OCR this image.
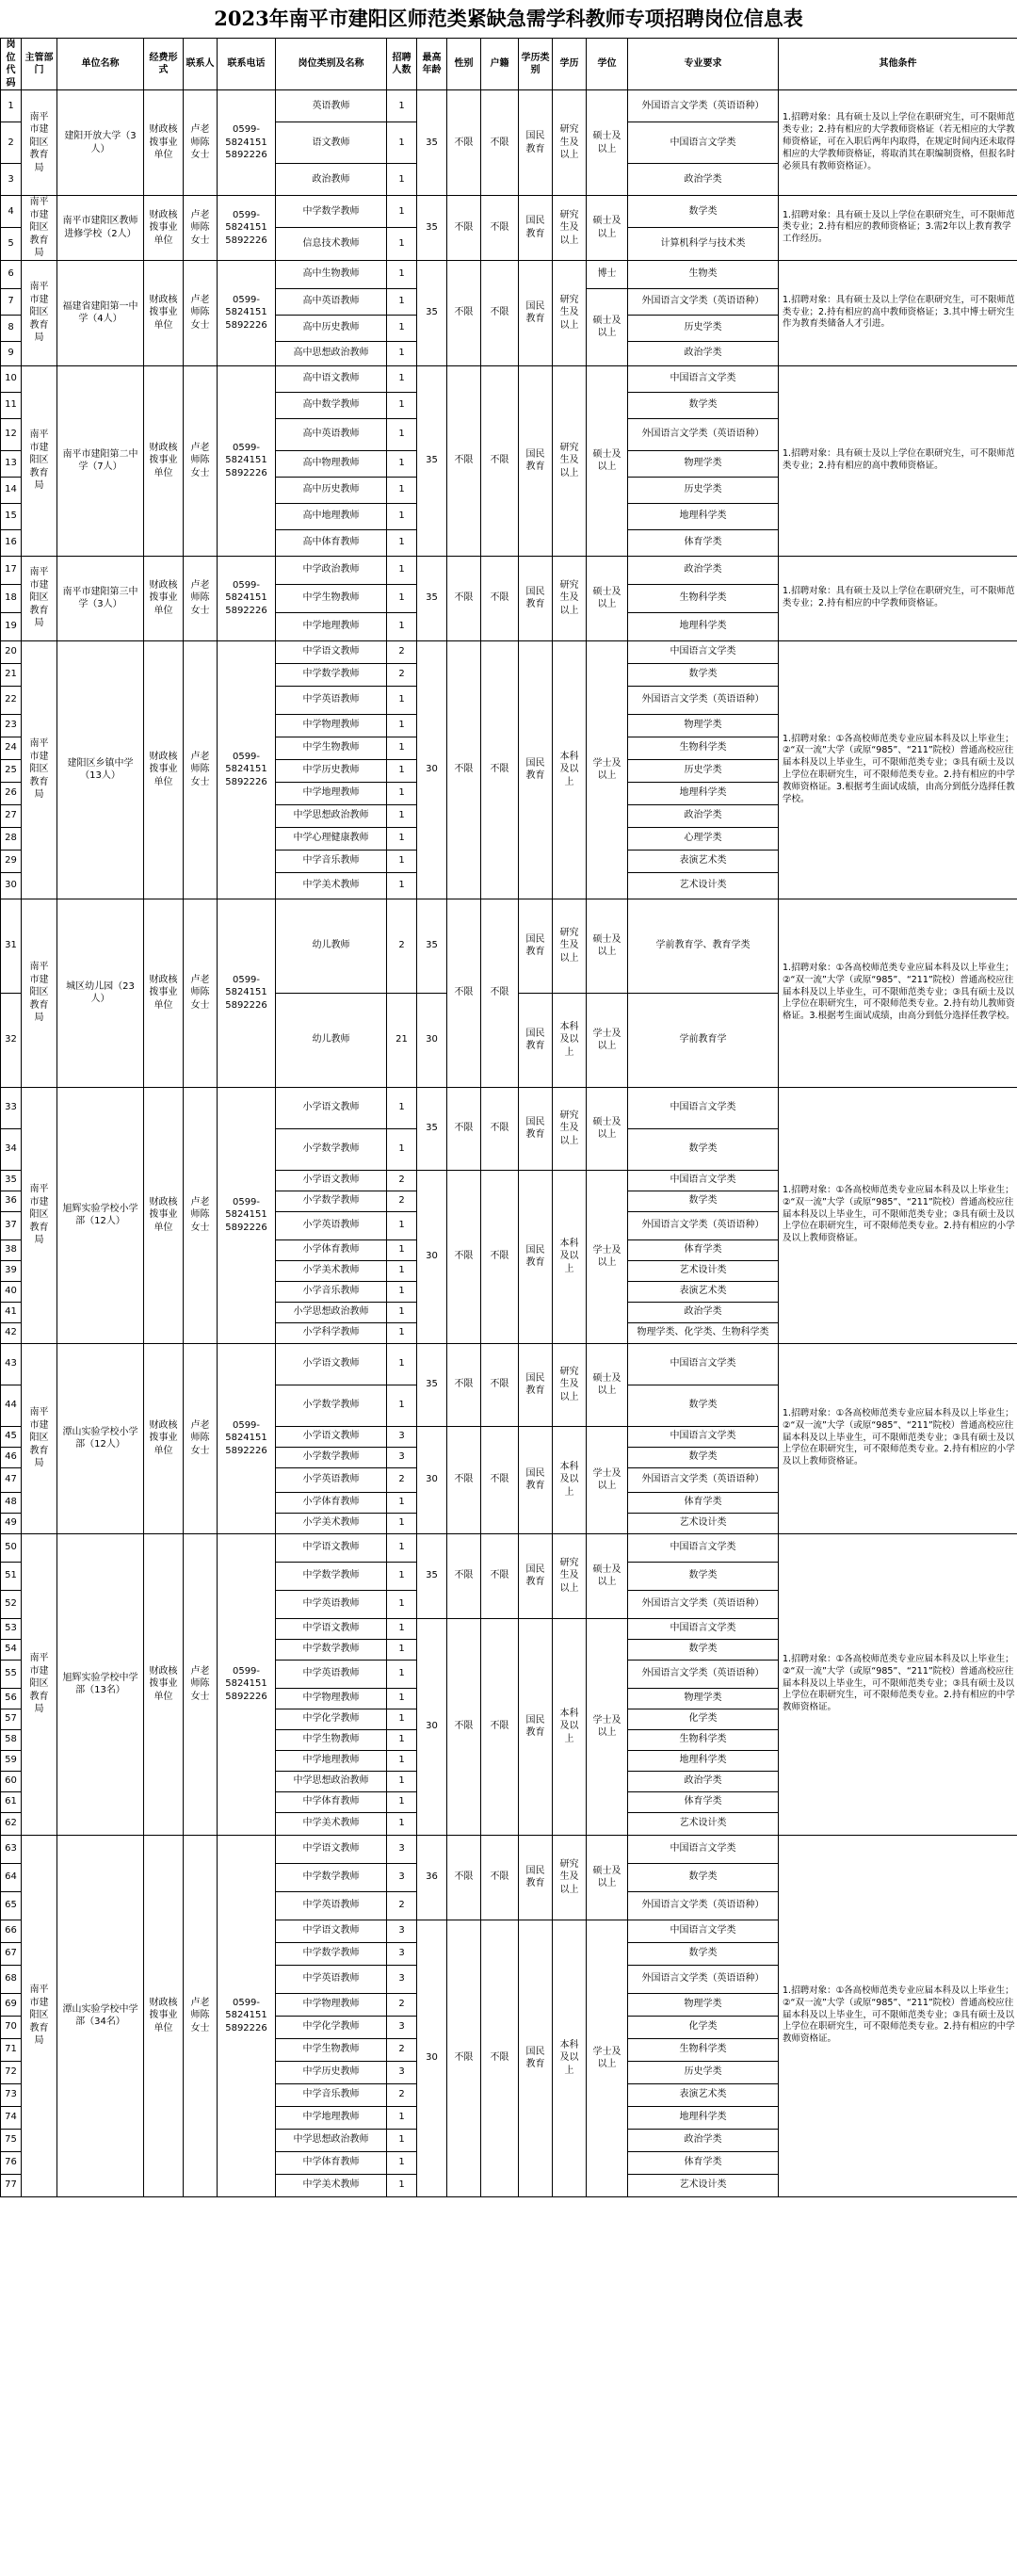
2023年南平市建阳区师范类紧缺急需学科教师专项招聘岗位信息表
岗位代码	主管部门	单位名称	经费形式	联系人	联系电话	岗位类别及名称	招聘人数	最高年龄	性别	户籍	学历类别	学历	学位	专业要求	其他条件
1	南平市建阳区教育局	建阳开放大学（3人）	财政核拨事业单位	卢老师陈女士	0599-5824151 5892226	英语教师	1	35	不限	不限	国民教育	研究生及以上	硕士及以上	外国语言文学类（英语语种）	1.招聘对象：具有硕士及以上学位在职研究生，可不限师范类专业；2.持有相应的大学教师资格证（若无相应的大学教师资格证，可在入职后两年内取得，在规定时间内还未取得相应的大学教师资格证，将取消其在职编制资格，但报名时必须具有教师资格证）。
2						语文教师	1							中国语言文学类	
3						政治教师	1							政治学类	
4	南平市建阳区教育局	南平市建阳区教师进修学校（2人）	财政核拨事业单位	卢老师陈女士	0599-5824151 5892226	中学数学教师	1	35	不限	不限	国民教育	研究生及以上	硕士及以上	数学类	1.招聘对象：具有硕士及以上学位在职研究生，可不限师范类专业；2.持有相应的教师资格证；3.需2年以上教育教学工作经历。
5						信息技术教师	1							计算机科学与技术类	
6	南平市建阳区教育局	福建省建阳第一中学（4人）	财政核拨事业单位	卢老师陈女士	0599-5824151 5892226	高中生物教师	1	35	不限	不限	国民教育	研究生及以上	博士	生物类	1.招聘对象：具有硕士及以上学位在职研究生，可不限师范类专业；2.持有相应的高中教师资格证；3.其中博士研究生作为教育类储备人才引进。
7						高中英语教师	1						硕士及以上	外国语言文学类（英语语种）	
8						高中历史教师	1							历史学类	
9						高中思想政治教师	1							政治学类	
10	南平市建阳区教育局	南平市建阳第二中学（7人）	财政核拨事业单位	卢老师陈女士	0599-5824151 5892226	高中语文教师	1	35	不限	不限	国民教育	研究生及以上	硕士及以上	中国语言文学类	1.招聘对象：具有硕士及以上学位在职研究生，可不限师范类专业；2.持有相应的高中教师资格证。
11						高中数学教师	1							数学类	
12						高中英语教师	1							外国语言文学类（英语语种）	
13						高中物理教师	1							物理学类	
14						高中历史教师	1							历史学类	
15						高中地理教师	1							地理科学类	
16						高中体育教师	1							体育学类	
17	南平市建阳区教育局	南平市建阳第三中学（3人）	财政核拨事业单位	卢老师陈女士	0599-5824151 5892226	中学政治教师	1	35	不限	不限	国民教育	研究生及以上	硕士及以上	政治学类	1.招聘对象：具有硕士及以上学位在职研究生，可不限师范类专业；2.持有相应的中学教师资格证。
18						中学生物教师	1							生物科学类	
19						中学地理教师	1							地理科学类	
20	南平市建阳区教育局	建阳区乡镇中学（13人）	财政核拨事业单位	卢老师陈女士	0599-5824151 5892226	中学语文教师	2	30	不限	不限	国民教育	本科及以上	学士及以上	中国语言文学类	1.招聘对象：①各高校师范类专业应届本科及以上毕业生；②“双一流”大学（或原“985”、“211”院校）普通高校应往届本科及以上毕业生，可不限师范类专业；③具有硕士及以上学位在职研究生，可不限师范类专业。2.持有相应的中学教师资格证。3.根据考生面试成绩，由高分到低分选择任教学校。
21						中学数学教师	2							数学类	
22						中学英语教师	1							外国语言文学类（英语语种）	
23						中学物理教师	1							物理学类	
24						中学生物教师	1							生物科学类	
25						中学历史教师	1							历史学类	
26						中学地理教师	1							地理科学类	
27						中学思想政治教师	1							政治学类	
28						中学心理健康教师	1							心理学类	
29						中学音乐教师	1							表演艺术类	
30						中学美术教师	1							艺术设计类	
31	南平市建阳区教育局	城区幼儿园（23人）	财政核拨事业单位	卢老师陈女士	0599-5824151 5892226	幼儿教师	2	35	不限	不限	国民教育	研究生及以上	硕士及以上	学前教育学、教育学类	1.招聘对象：①各高校师范类专业应届本科及以上毕业生；②“双一流”大学（或原“985”、“211”院校）普通高校应往届本科及以上毕业生，可不限师范类专业；③具有硕士及以上学位在职研究生，可不限师范类专业。2.持有幼儿教师资格证。3.根据考生面试成绩，由高分到低分选择任教学校。
32						幼儿教师	21	30			国民教育	本科及以上	学士及以上	学前教育学	
33	南平市建阳区教育局	旭辉实验学校小学部（12人）	财政核拨事业单位	卢老师陈女士	0599-5824151 5892226	小学语文教师	1	35	不限	不限	国民教育	研究生及以上	硕士及以上	中国语言文学类	1.招聘对象：①各高校师范类专业应届本科及以上毕业生；②“双一流”大学（或原“985”、“211”院校）普通高校应往届本科及以上毕业生，可不限师范类专业；③具有硕士及以上学位在职研究生，可不限师范类专业。2.持有相应的小学及以上教师资格证。
34						小学数学教师	1							数学类	
35						小学语文教师	2	30	不限	不限	国民教育	本科及以上	学士及以上	中国语言文学类	
36						小学数学教师	2							数学类	
37						小学英语教师	1							外国语言文学类（英语语种）	
38						小学体育教师	1							体育学类	
39						小学美术教师	1							艺术设计类	
40						小学音乐教师	1							表演艺术类	
41						小学思想政治教师	1							政治学类	
42						小学科学教师	1							物理学类、化学类、生物科学类	
43	南平市建阳区教育局	潭山实验学校小学部（12人）	财政核拨事业单位	卢老师陈女士	0599-5824151 5892226	小学语文教师	1	35	不限	不限	国民教育	研究生及以上	硕士及以上	中国语言文学类	1.招聘对象：①各高校师范类专业应届本科及以上毕业生；②“双一流”大学（或原“985”、“211”院校）普通高校应往届本科及以上毕业生，可不限师范类专业；③具有硕士及以上学位在职研究生，可不限师范类专业。2.持有相应的小学及以上教师资格证。
44						小学数学教师	1							数学类	
45						小学语文教师	3	30	不限	不限	国民教育	本科及以上	学士及以上	中国语言文学类	
46						小学数学教师	3							数学类	
47						小学英语教师	2							外国语言文学类（英语语种）	
48						小学体育教师	1							体育学类	
49						小学美术教师	1							艺术设计类	
50	南平市建阳区教育局	旭辉实验学校中学部（13名）	财政核拨事业单位	卢老师陈女士	0599-5824151 5892226	中学语文教师	1	35	不限	不限	国民教育	研究生及以上	硕士及以上	中国语言文学类	1.招聘对象：①各高校师范类专业应届本科及以上毕业生；②“双一流”大学（或原“985”、“211”院校）普通高校应往届本科及以上毕业生，可不限师范类专业；③具有硕士及以上学位在职研究生，可不限师范类专业。2.持有相应的中学教师资格证。
51						中学数学教师	1							数学类	
52						中学英语教师	1							外国语言文学类（英语语种）	
53						中学语文教师	1	30	不限	不限	国民教育	本科及以上	学士及以上	中国语言文学类	
54						中学数学教师	1							数学类	
55						中学英语教师	1							外国语言文学类（英语语种）	
56						中学物理教师	1							物理学类	
57						中学化学教师	1							化学类	
58						中学生物教师	1							生物科学类	
59						中学地理教师	1							地理科学类	
60						中学思想政治教师	1							政治学类	
61						中学体育教师	1							体育学类	
62						中学美术教师	1							艺术设计类	
63	南平市建阳区教育局	潭山实验学校中学部（34名）	财政核拨事业单位	卢老师陈女士	0599-5824151 5892226	中学语文教师	3	36	不限	不限	国民教育	研究生及以上	硕士及以上	中国语言文学类	1.招聘对象：①各高校师范类专业应届本科及以上毕业生；②“双一流”大学（或原“985”、“211”院校）普通高校应往届本科及以上毕业生，可不限师范类专业；③具有硕士及以上学位在职研究生，可不限师范类专业。2.持有相应的中学教师资格证。
64						中学数学教师	3							数学类	
65						中学英语教师	2							外国语言文学类（英语语种）	
66						中学语文教师	3	30	不限	不限	国民教育	本科及以上	学士及以上	中国语言文学类	
67						中学数学教师	3							数学类	
68						中学英语教师	3							外国语言文学类（英语语种）	
69						中学物理教师	2							物理学类	
70						中学化学教师	3							化学类	
71						中学生物教师	2							生物科学类	
72						中学历史教师	3							历史学类	
73						中学音乐教师	2							表演艺术类	
74						中学地理教师	1							地理科学类	
75						中学思想政治教师	1							政治学类	
76						中学体育教师	1							体育学类	
77						中学美术教师	1							艺术设计类	
